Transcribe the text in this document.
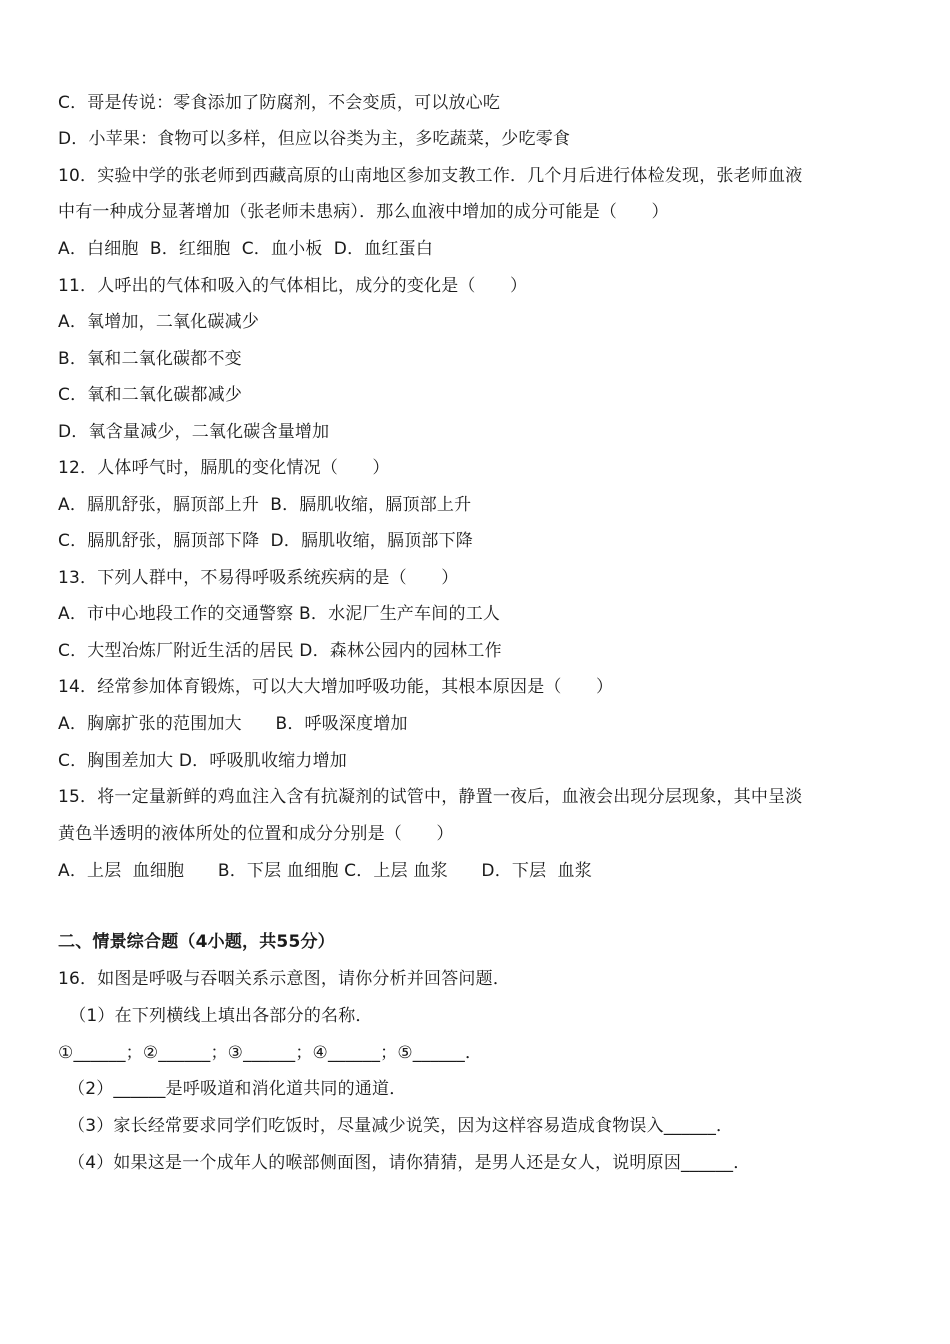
C．哥是传说：零食添加了防腐剂，不会变质，可以放心吃
D．小苹果：食物可以多样，但应以谷类为主，多吃蔬菜，少吃零食
10．实验中学的张老师到西藏高原的山南地区参加支教工作．几个月后进行体检发现，张老师血液
中有一种成分显著增加（张老师未患病）．那么血液中增加的成分可能是（　　）
A．白细胞  B．红细胞  C．血小板  D．血红蛋白
11．人呼出的气体和吸入的气体相比，成分的变化是（　　）
A．氧增加，二氧化碳减少
B．氧和二氧化碳都不变
C．氧和二氧化碳都减少
D．氧含量减少，二氧化碳含量增加
12．人体呼气时，膈肌的变化情况（　　）
A．膈肌舒张，膈顶部上升  B．膈肌收缩，膈顶部上升
C．膈肌舒张，膈顶部下降  D．膈肌收缩，膈顶部下降
13．下列人群中，不易得呼吸系统疾病的是（　　）
A．市中心地段工作的交通警察 B．水泥厂生产车间的工人
C．大型冶炼厂附近生活的居民 D．森林公园内的园林工作
14．经常参加体育锻炼，可以大大增加呼吸功能，其根本原因是（　　）
A．胸廓扩张的范围加大      B．呼吸深度增加
C．胸围差加大 D．呼吸肌收缩力增加
15．将一定量新鲜的鸡血注入含有抗凝剂的试管中，静置一夜后，血液会出现分层现象，其中呈淡
黄色半透明的液体所处的位置和成分分别是（　　）
A．上层  血细胞      B．下层 血细胞 C．上层 血浆      D．下层  血浆
二、情景综合题（4小题，共55分）
16．如图是呼吸与吞咽关系示意图，请你分析并回答问题．
（1）在下列横线上填出各部分的名称．
①______；②______；③______；④______；⑤______．
（2）______是呼吸道和消化道共同的通道．
（3）家长经常要求同学们吃饭时，尽量减少说笑，因为这样容易造成食物误入______．
（4）如果这是一个成年人的喉部侧面图，请你猜猜，是男人还是女人，说明原因______．
